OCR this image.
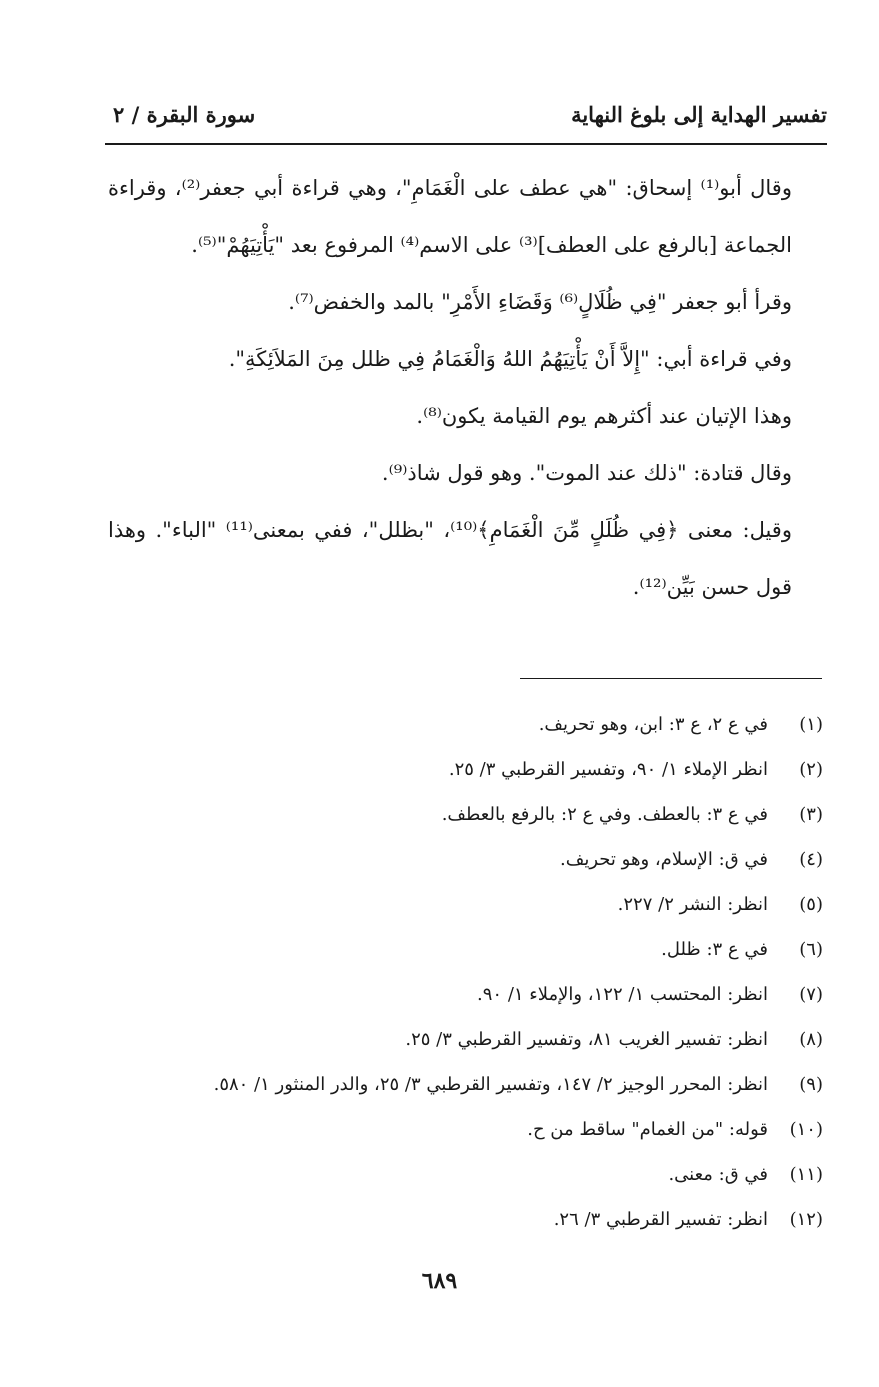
تفسير الهداية إلى بلوغ النهاية
سورة البقرة / ٢

وقال أبو⁽¹⁾ إسحاق: "هي عطف على الْغَمَامِ"، وهي قراءة أبي جعفر⁽²⁾، وقراءة الجماعة [بالرفع على العطف]⁽³⁾ على الاسم⁽⁴⁾ المرفوع بعد "يَأْتِيَهُمْ"⁽⁵⁾.

وقرأ أبو جعفر "فِي ظُلَالٍ⁽⁶⁾ وَقَضَاءِ الأَمْرِ" بالمد والخفض⁽⁷⁾.

وفي قراءة أبي: "إِلاَّ أَنْ يَأْتِيَهُمُ اللهُ وَالْغَمَامُ فِي ظلل مِنَ المَلاَئِكَةِ".

وهذا الإتيان عند أكثرهم يوم القيامة يكون⁽⁸⁾.

وقال قتادة: "ذلك عند الموت". وهو قول شاذ⁽⁹⁾.

وقيل: معنى ﴿فِي ظُلَلٍ مِّنَ الْغَمَامِ﴾⁽¹⁰⁾، "بظلل"، ففي بمعنى⁽¹¹⁾ "الباء". وهذا قول حسن بَيِّن⁽¹²⁾.

(١)
في ع ٢، ع ٣: ابن، وهو تحريف.
(٢)
انظر الإملاء ١/ ٩٠، وتفسير القرطبي ٣/ ٢٥.
(٣)
في ع ٣: بالعطف. وفي ع ٢: بالرفع بالعطف.
(٤)
في ق: الإسلام، وهو تحريف.
(٥)
انظر: النشر ٢/ ٢٢٧.
(٦)
في ع ٣: ظلل.
(٧)
انظر: المحتسب ١/ ١٢٢، والإملاء ١/ ٩٠.
(٨)
انظر: تفسير الغريب ٨١، وتفسير القرطبي ٣/ ٢٥.
(٩)
انظر: المحرر الوجيز ٢/ ١٤٧، وتفسير القرطبي ٣/ ٢٥، والدر المنثور ١/ ٥٨٠.
(١٠)
قوله: "من الغمام" ساقط من ح.
(١١)
في ق: معنى.
(١٢)
انظر: تفسير القرطبي ٣/ ٢٦.
٦٨٩
